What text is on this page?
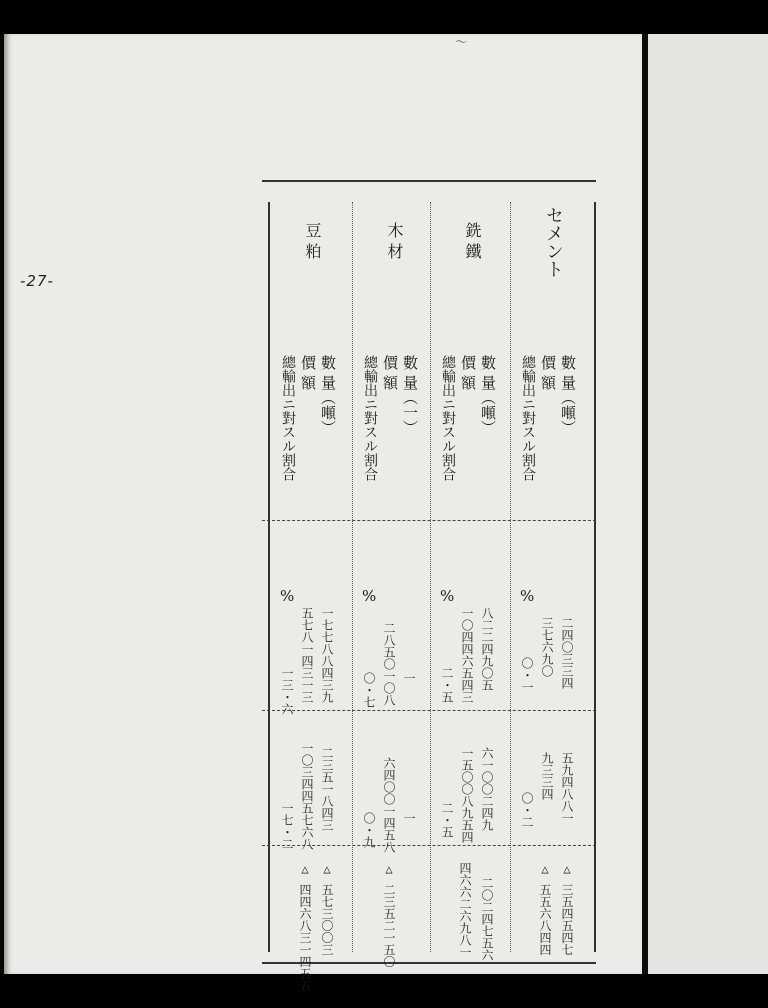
〜
-27-
セメント
數 量（噸）
價 額
總輸出ニ對スル割合
%
二四〇三三四
三七六九〇
〇・一
五九四八八一
九三三四
〇・二
△ 三五四五四七
△ 五五六八四四
銑 鐵
數 量（噸）
價 額
總輸出ニ對スル割合
%
八二二四九〇五
一〇四四六五四三
二・五
六一〇〇二四九
一五〇〇八九五四
二・五
二〇二四七五六
四六六二六九八一
木 材
數 量（一）
價 額
總輸出ニ對スル割合
%
一
二八五〇一〇八
〇・七
一
六四〇〇一四五八
〇・九
△ 二三五二一五〇
豆 粕
數 量（噸）
價 額
總輸出ニ對スル割合
%
一七七八八四三九
五七八一四三一三
一三・六
二三五一八四三
一〇三四四五七六八
一七・二
△ 五七三〇〇三
△ 四四六八三一四五五
